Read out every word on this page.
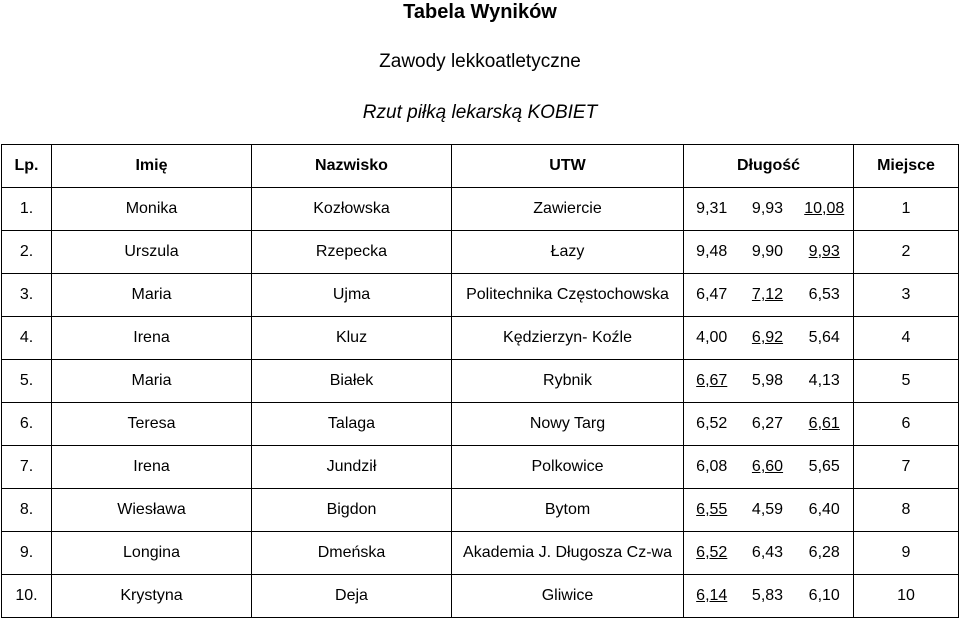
Tabela Wyników
Zawody lekkoatletyczne
Rzut piłką lekarską KOBIET
Lp.	Imię	Nazwisko	UTW	Długość			Miejsce
1.	Monika	Kozłowska	Zawiercie	9,31	9,93	10,08	1
2.	Urszula	Rzepecka	Łazy	9,48	9,90	9,93	2
3.	Maria	Ujma	Politechnika Częstochowska	6,47	7,12	6,53	3
4.	Irena	Kluz	Kędzierzyn- Koźle	4,00	6,92	5,64	4
5.	Maria	Białek	Rybnik	6,67	5,98	4,13	5
6.	Teresa	Talaga	Nowy Targ	6,52	6,27	6,61	6
7.	Irena	Jundził	Polkowice	6,08	6,60	5,65	7
8.	Wiesława	Bigdon	Bytom	6,55	4,59	6,40	8
9.	Longina	Dmeńska	Akademia J. Długosza Cz-wa	6,52	6,43	6,28	9
10.	Krystyna	Deja	Gliwice	6,14	5,83	6,10	10
